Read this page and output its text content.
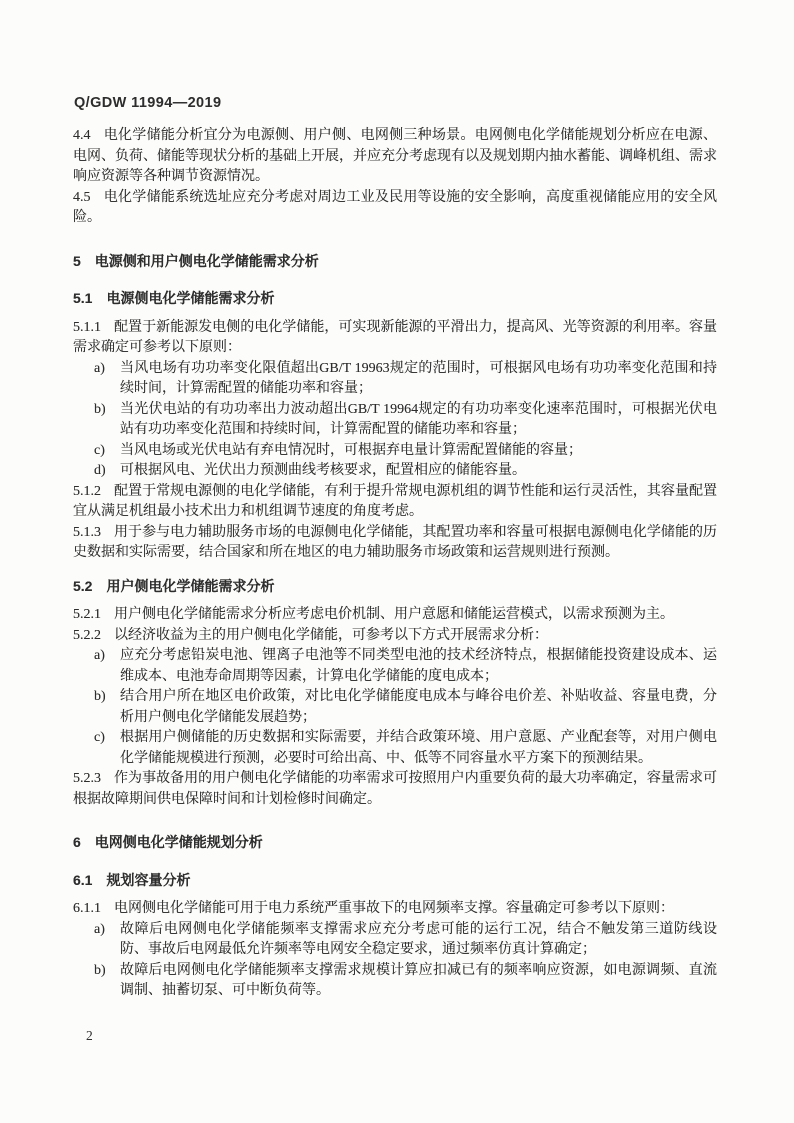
Q/GDW 11994—2019

4.4 电化学储能分析宜分为电源侧、用户侧、电网侧三种场景。电网侧电化学储能规划分析应在电源、电网、负荷、储能等现状分析的基础上开展，并应充分考虑现有以及规划期内抽水蓄能、调峰机组、需求响应资源等各种调节资源情况。

4.5 电化学储能系统选址应充分考虑对周边工业及民用等设施的安全影响，高度重视储能应用的安全风险。

5 电源侧和用户侧电化学储能需求分析
5.1 电源侧电化学储能需求分析

5.1.1 配置于新能源发电侧的电化学储能，可实现新能源的平滑出力，提高风、光等资源的利用率。容量需求确定可参考以下原则：

a)	当风电场有功功率变化限值超出GB/T 19963规定的范围时，可根据风电场有功功率变化范围和持续时间，计算需配置的储能功率和容量；
b)	当光伏电站的有功功率出力波动超出GB/T 19964规定的有功功率变化速率范围时，可根据光伏电站有功功率变化范围和持续时间，计算需配置的储能功率和容量；
c)	当风电场或光伏电站有弃电情况时，可根据弃电量计算需配置储能的容量；
d)	可根据风电、光伏出力预测曲线考核要求，配置相应的储能容量。

5.1.2 配置于常规电源侧的电化学储能，有利于提升常规电源机组的调节性能和运行灵活性，其容量配置宜从满足机组最小技术出力和机组调节速度的角度考虑。

5.1.3 用于参与电力辅助服务市场的电源侧电化学储能，其配置功率和容量可根据电源侧电化学储能的历史数据和实际需要，结合国家和所在地区的电力辅助服务市场政策和运营规则进行预测。

5.2 用户侧电化学储能需求分析

5.2.1 用户侧电化学储能需求分析应考虑电价机制、用户意愿和储能运营模式，以需求预测为主。

5.2.2 以经济收益为主的用户侧电化学储能，可参考以下方式开展需求分析：

a)	应充分考虑铅炭电池、锂离子电池等不同类型电池的技术经济特点，根据储能投资建设成本、运维成本、电池寿命周期等因素，计算电化学储能的度电成本；
b)	结合用户所在地区电价政策，对比电化学储能度电成本与峰谷电价差、补贴收益、容量电费，分析用户侧电化学储能发展趋势；
c)	根据用户侧储能的历史数据和实际需要，并结合政策环境、用户意愿、产业配套等，对用户侧电化学储能规模进行预测，必要时可给出高、中、低等不同容量水平方案下的预测结果。

5.2.3 作为事故备用的用户侧电化学储能的功率需求可按照用户内重要负荷的最大功率确定，容量需求可根据故障期间供电保障时间和计划检修时间确定。

6 电网侧电化学储能规划分析
6.1 规划容量分析

6.1.1 电网侧电化学储能可用于电力系统严重事故下的电网频率支撑。容量确定可参考以下原则：

a)	故障后电网侧电化学储能频率支撑需求应充分考虑可能的运行工况，结合不触发第三道防线设防、事故后电网最低允许频率等电网安全稳定要求，通过频率仿真计算确定；
b)	故障后电网侧电化学储能频率支撑需求规模计算应扣减已有的频率响应资源，如电源调频、直流调制、抽蓄切泵、可中断负荷等。
2
